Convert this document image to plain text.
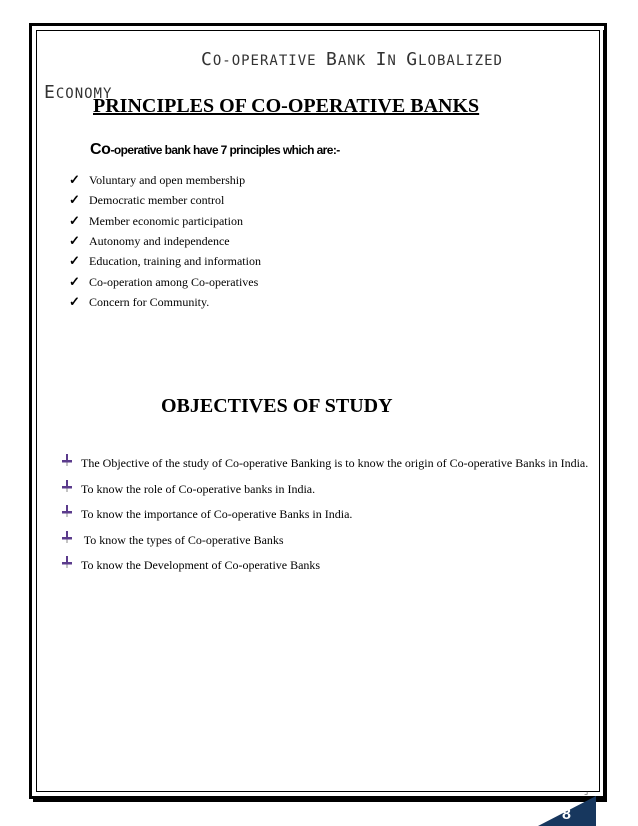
CO-OPERATIVE BANK IN GLOBALIZED
ECONOMY
PRINCIPLES OF CO-OPERATIVE BANKS
Co-operative bank have 7 principles which are:-
✓ Voluntary and open membership
✓ Democratic member control
✓ Member economic participation
✓ Autonomy and independence
✓ Education, training and information
✓ Co-operation among Co-operatives
✓ Concern for Community.
OBJECTIVES OF STUDY
The Objective of the study of Co-operative Banking is to know the origin of Co-operative Banks in India.
To know the role of Co-operative banks in India.
To know the importance of Co-operative Banks in India.
To know the types of Co-operative Banks
To know the Development of Co-operative Banks
⌟
8
